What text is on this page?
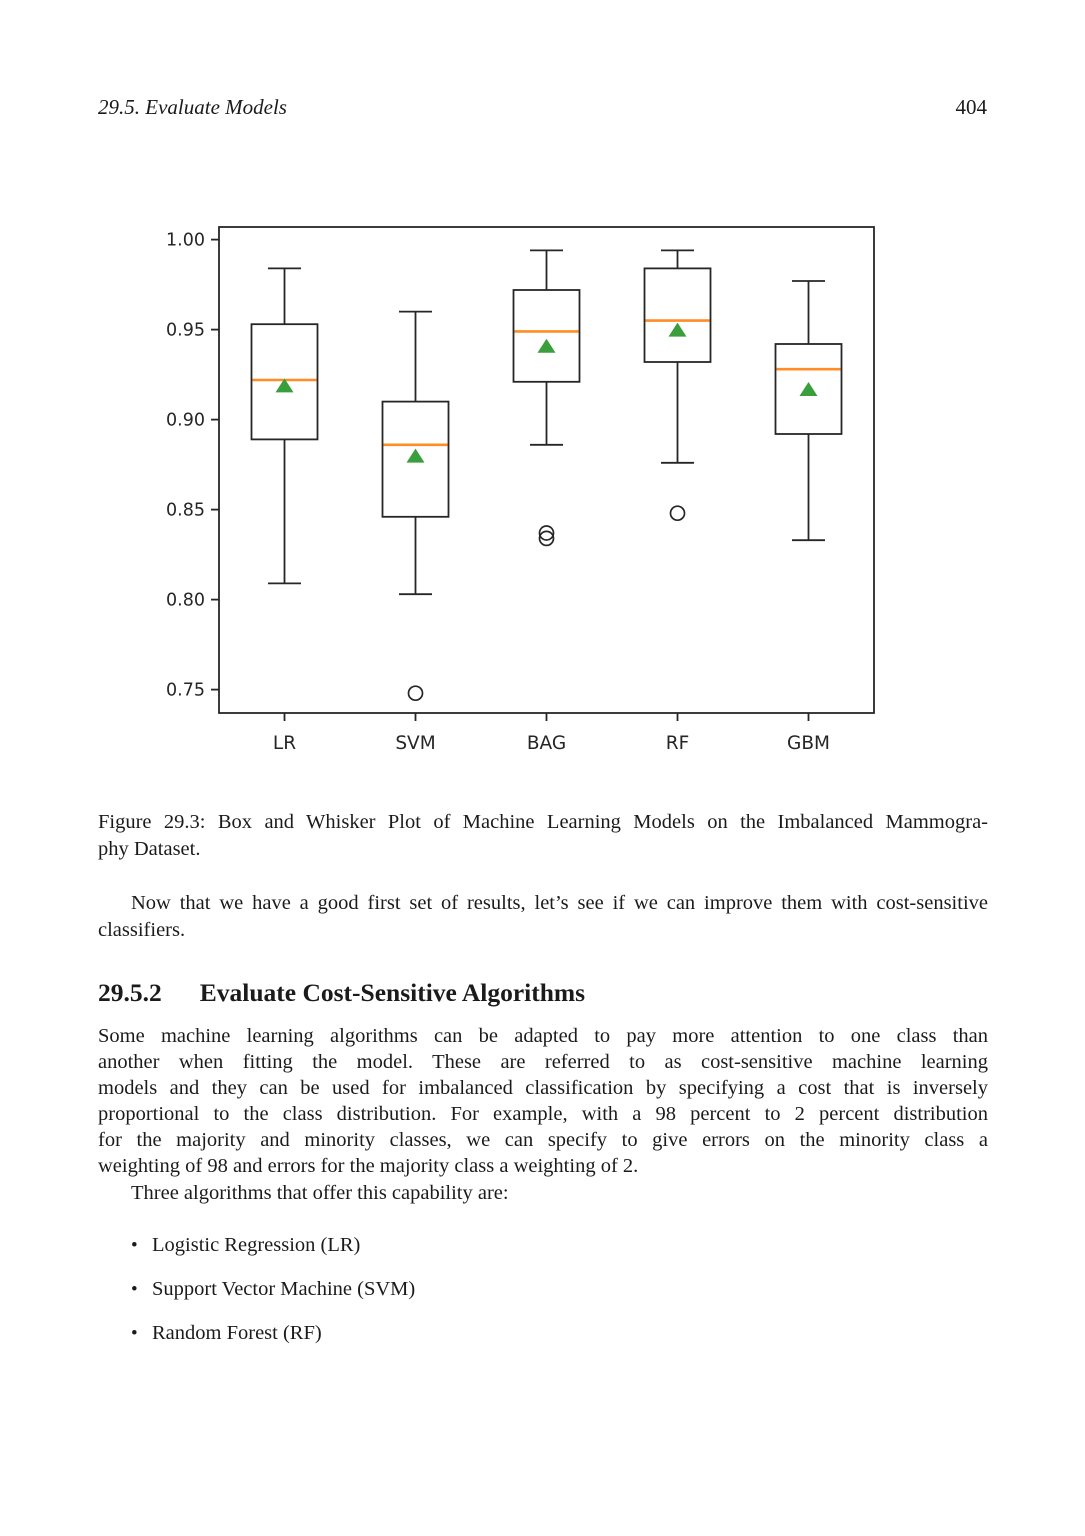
29.5. Evaluate Models	404
0.75
0.80
0.85
0.90
0.95
1.00
LR	SVM	BAG	RF	GBM
Figure 29.3: Box and Whisker Plot of Machine Learning Models on the Imbalanced Mammogra-
phy Dataset.
Now that we have a good first set of results, let’s see if we can improve them with cost-sensitive
classifiers.
29.5.2 Evaluate Cost-Sensitive Algorithms
Some machine learning algorithms can be adapted to pay more attention to one class than
another when fitting the model. These are referred to as cost-sensitive machine learning
models and they can be used for imbalanced classification by specifying a cost that is inversely
proportional to the class distribution. For example, with a 98 percent to 2 percent distribution
for the majority and minority classes, we can specify to give errors on the minority class a
weighting of 98 and errors for the majority class a weighting of 2.
Three algorithms that offer this capability are:
• Logistic Regression (LR)
• Support Vector Machine (SVM)
• Random Forest (RF)
